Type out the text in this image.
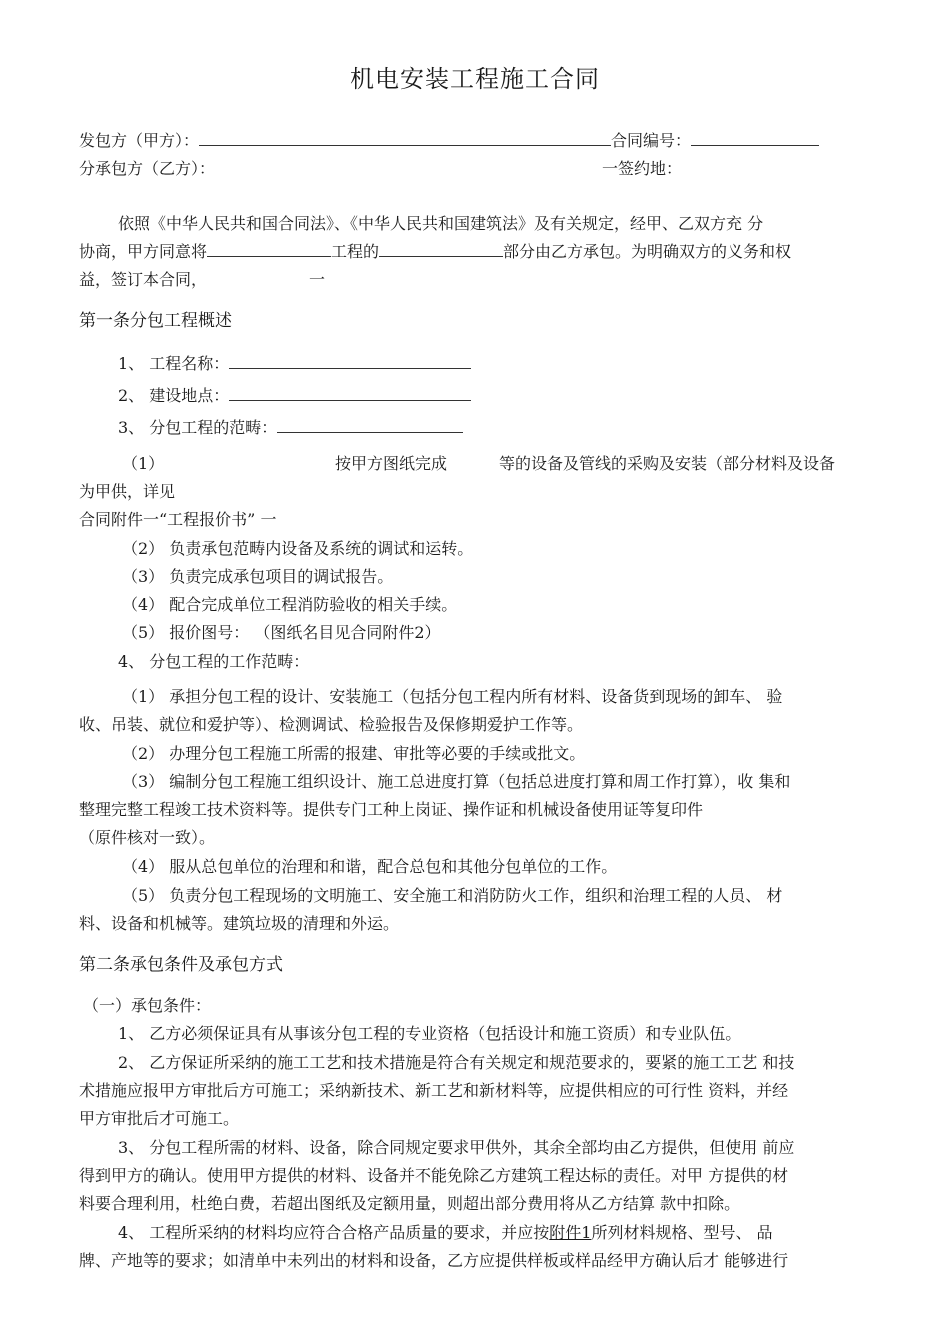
机电安装工程施工合同
发包方（甲方）：	合同编号：
分承包方（乙方）：	一签约地：
依照《中华人民共和国合同法》、《中华人民共和国建筑法》及有关规定，经甲、乙双方充 分
协商，甲方同意将	工程的	部分由乙方承包。为明确双方的义务和权
益，签订本合同，	一
第一条分包工程概述
1、 工程名称：
2、 建设地点：
3、 分包工程的范畴：
（1）	按甲方图纸完成	等的设备及管线的采购及安装（部分材料及设备
为甲供，详见
合同附件一“工程报价书” 一
（2） 负责承包范畴内设备及系统的调试和运转。
（3） 负责完成承包项目的调试报告。
（4） 配合完成单位工程消防验收的相关手续。
（5） 报价图号： （图纸名目见合同附件2）
4、 分包工程的工作范畴：
（1） 承担分包工程的设计、安装施工（包括分包工程内所有材料、设备货到现场的卸车、 验
收、吊装、就位和爱护等）、检测调试、检验报告及保修期爱护工作等。
（2） 办理分包工程施工所需的报建、审批等必要的手续或批文。
（3） 编制分包工程施工组织设计、施工总进度打算（包括总进度打算和周工作打算），收 集和
整理完整工程竣工技术资料等。提供专门工种上岗证、操作证和机械设备使用证等复印件
（原件核对一致）。
（4） 服从总包单位的治理和和谐，配合总包和其他分包单位的工作。
（5） 负责分包工程现场的文明施工、安全施工和消防防火工作，组织和治理工程的人员、 材
料、设备和机械等。建筑垃圾的清理和外运。
第二条承包条件及承包方式
（一）承包条件：
1、 乙方必须保证具有从事该分包工程的专业资格（包括设计和施工资质）和专业队伍。
2、 乙方保证所采纳的施工工艺和技术措施是符合有关规定和规范要求的，要紧的施工工艺 和技
术措施应报甲方审批后方可施工；采纳新技术、新工艺和新材料等，应提供相应的可行性 资料，并经
甲方审批后才可施工。
3、 分包工程所需的材料、设备，除合同规定要求甲供外，其余全部均由乙方提供，但使用 前应
得到甲方的确认。使用甲方提供的材料、设备并不能免除乙方建筑工程达标的责任。对甲 方提供的材
料要合理利用，杜绝白费，若超出图纸及定额用量，则超出部分费用将从乙方结算 款中扣除。
4、 工程所采纳的材料均应符合合格产品质量的要求，并应按附件1所列材料规格、型号、 品
牌、产地等的要求；如清单中未列出的材料和设备，乙方应提供样板或样品经甲方确认后才 能够进行
